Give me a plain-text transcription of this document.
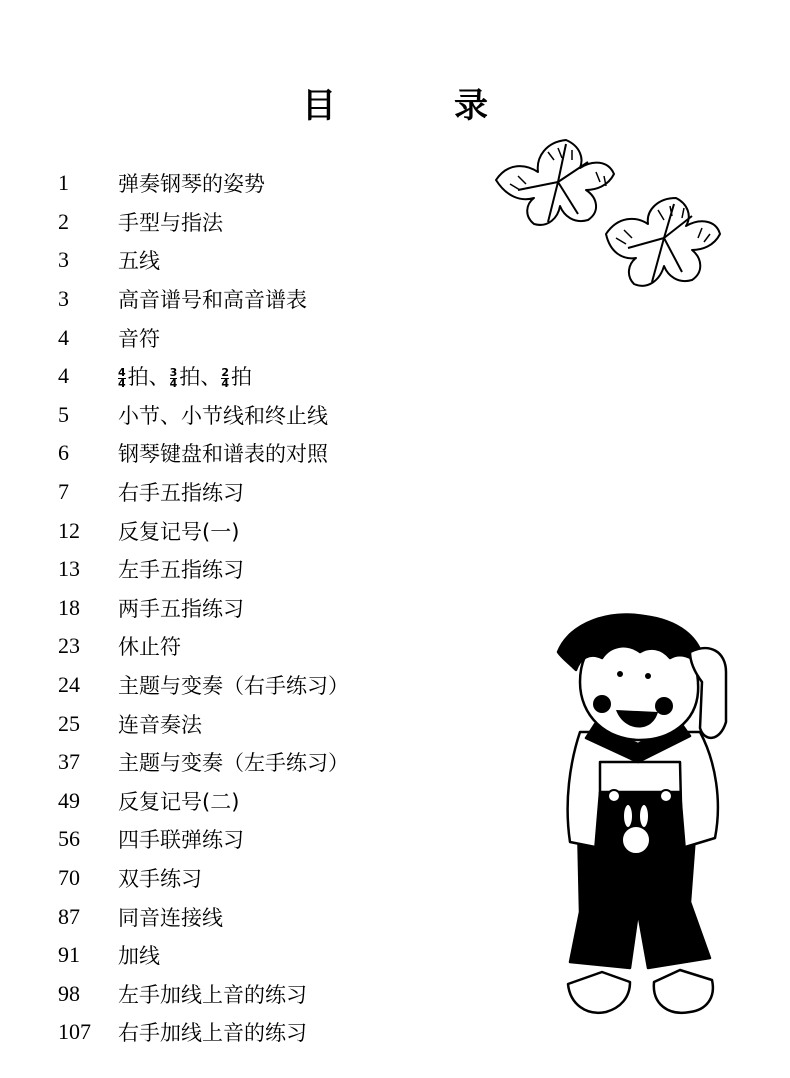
目	录
1	弹奏钢琴的姿势
2	手型与指法
3	五线
3	高音谱号和高音谱表
4	音符
4	$\frac{4}{4}$ 拍、 $\frac{3}{4}$ 拍、 $\frac{2}{4}$ 拍
5	小节、小节线和终止线
6	钢琴键盘和谱表的对照
7	右手五指练习
12	反复记号(一)
13	左手五指练习
18	两手五指练习
23	休止符
24	主题与变奏（右手练习）
25	连音奏法
37	主题与变奏（左手练习）
49	反复记号(二)
56	四手联弹练习
70	双手练习
87	同音连接线
91	加线
98	左手加线上音的练习
107	右手加线上音的练习
